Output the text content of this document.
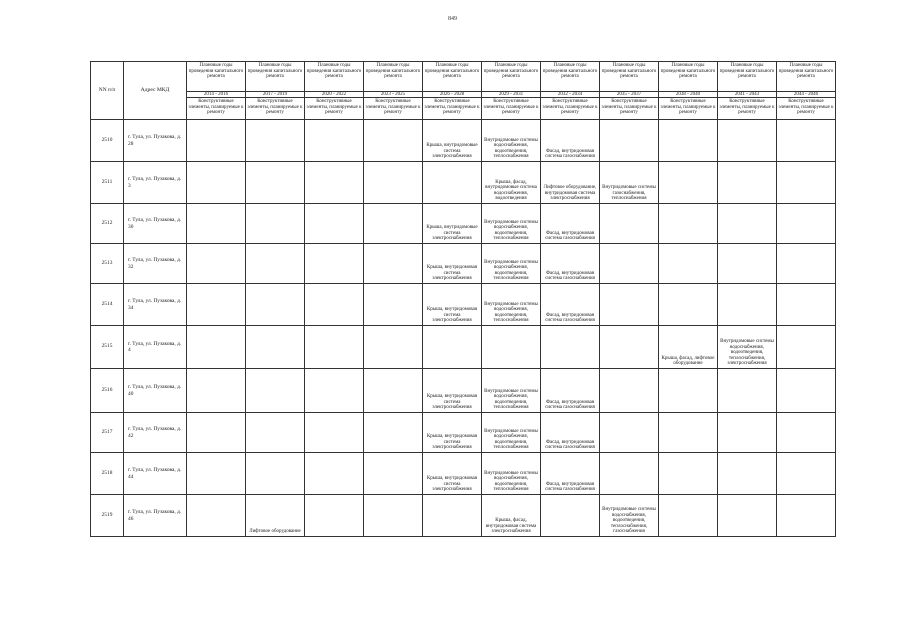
849
NN п/п	Адрес МКД	Плановые годы проведения капитального ремонта	Плановые годы проведения капитального ремонта	Плановые годы проведения капитального ремонта	Плановые годы проведения капитального ремонта	Плановые годы проведения капитального ремонта	Плановые годы проведения капитального ремонта	Плановые годы проведения капитального ремонта	Плановые годы проведения капитального ремонта	Плановые годы проведения капитального ремонта	Плановые годы проведения капитального ремонта	Плановые годы проведения капитального ремонта
		2014 - 2016	2017 - 2019	2020 - 2022	2023 - 2025	2026 - 2028	2029 - 2031	2032 - 2034	2035 - 2037	2038 - 2040	2041 - 2043	2044 - 2046
		Конструктивные элементы, планируемые к ремонту	Конструктивные элементы, планируемые к ремонту	Конструктивные элементы, планируемые к ремонту	Конструктивные элементы, планируемые к ремонту	Конструктивные элементы, планируемые к ремонту	Конструктивные элементы, планируемые к ремонту	Конструктивные элементы, планируемые к ремонту	Конструктивные элементы, планируемые к ремонту	Конструктивные элементы, планируемые к ремонту	Конструктивные элементы, планируемые к ремонту	Конструктивные элементы, планируемые к ремонту
2510	г. Тула, ул. Пузакова, д. 28					Крыша, внутридомовые система электроснабжения	Внутридомовые системы водоснабжения, водоотведения, теплоснабжения	Фасад, внутридомовая система газоснабжения				
2511	г. Тула, ул. Пузакова, д. 3						Крыша, фасад, внутридомовые система водоснабжения, водоотведения	Лифтовое оборудование, внутридомовая система электроснабжения	Внутридомовые системы газоснабжения, теплоснабжения			
2512	г. Тула, ул. Пузакова, д. 30					Крыша, внутридомовые система электроснабжения	Внутридомовые системы водоснабжения, водоотведения, теплоснабжения	Фасад, внутридомовая система газоснабжения				
2513	г. Тула, ул. Пузакова, д. 32					Крыша, внутридомовая система электроснабжения	Внутридомовые системы водоснабжения, водоотведения, теплоснабжения	Фасад, внутридомовая система газоснабжения				
2514	г. Тула, ул. Пузакова, д. 34					Крыша, внутридомовая система электроснабжения	Внутридомовые системы водоснабжения, водоотведения, теплоснабжения	Фасад, внутридомовая система газоснабжения				
2515	г. Тула, ул. Пузакова, д. 4									Крыша, фасад, лифтовое оборудование	Внутридомовые системы водоснабжения, водоотведения, теплоснабжения, электроснабжения	
2516	г. Тула, ул. Пузакова, д. 40					Крыша, внутридомовая система электроснабжения	Внутридомовые системы водоснабжения, водоотведения, теплоснабжения	Фасад, внутридомовая система газоснабжения				
2517	г. Тула, ул. Пузакова, д. 42					Крыша, внутридомовая система электроснабжения	Внутридомовые системы водоснабжения, водоотведения, теплоснабжения	Фасад, внутридомовая система газоснабжения				
2518	г. Тула, ул. Пузакова, д. 44					Крыша, внутридомовая система электроснабжения	Внутридомовые системы водоснабжения, водоотведения, теплоснабжения	Фасад, внутридомовая система газоснабжения				
2519	г. Тула, ул. Пузакова, д. 46		Лифтовое оборудование				Крыша, фасад, внутридомовая система электроснабжения		Внутридомовые системы водоснабжения, водоотведения, теплоснабжения, газоснабжения			
